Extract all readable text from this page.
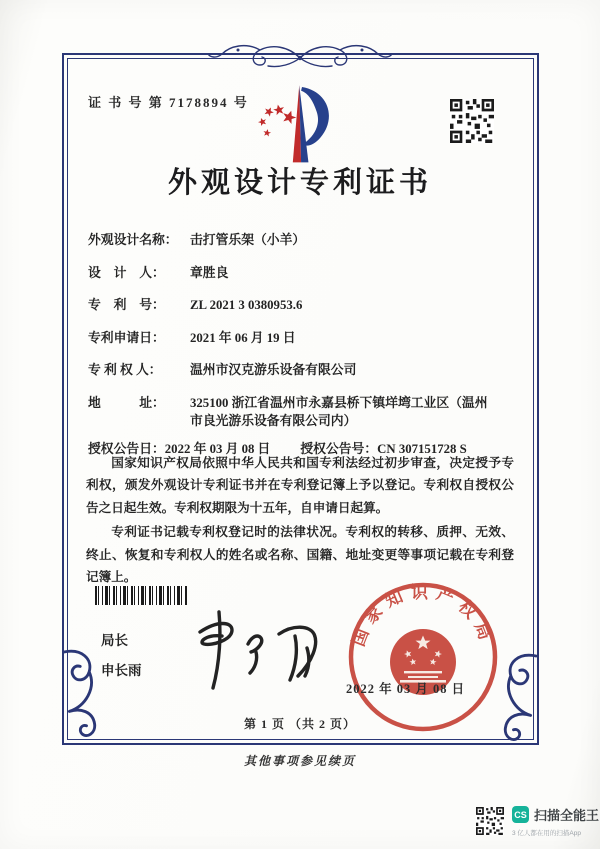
证 书 号 第 7178894 号
外观设计专利证书
外观设计名称： 击打管乐架（小羊）
设　计　人：	章胜良
专　利　号：	ZL 2021 3 0380953.6
专利申请日：	2021 年 06 月 19 日
专 利 权 人：	温州市汉克游乐设备有限公司
地　　　址：	325100 浙江省温州市永嘉县桥下镇垟塆工业区（温州市良光游乐设备有限公司内）
授权公告日： 2022 年 03 月 08 日 授权公告号： CN 307151728 S

国家知识产权局依照中华人民共和国专利法经过初步审查，决定授予专利权，颁发外观设计专利证书并在专利登记簿上予以登记。专利权自授权公告之日起生效。专利权期限为十五年，自申请日起算。

专利证书记载专利权登记时的法律状况。专利权的转移、质押、无效、终止、恢复和专利权人的姓名或名称、国籍、地址变更等事项记载在专利登记簿上。

局长
申长雨
国家知识产权局
2022 年 03 月 08 日
第 1 页 （共 2 页）
其他事项参见续页
CS 扫描全能王
3 亿人都在用的扫描App
